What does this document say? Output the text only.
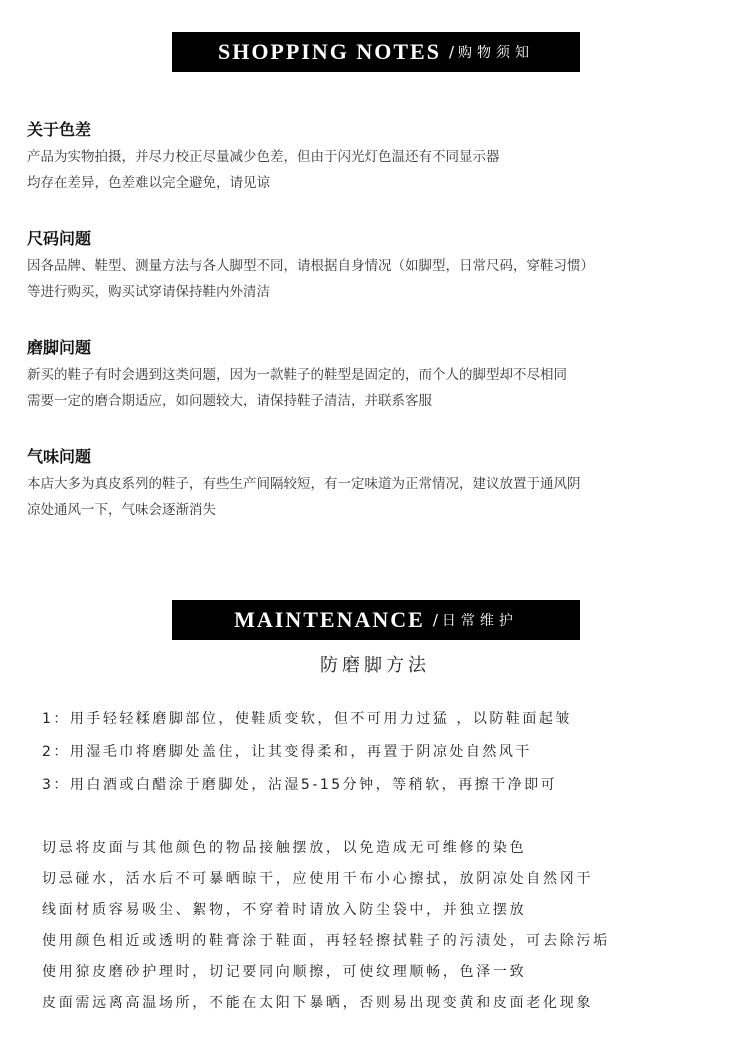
SHOPPING NOTES / 购物须知
关于色差
产品为实物拍摄，并尽力校正尽量减少色差，但由于闪光灯色温还有不同显示器
均存在差异，色差难以完全避免，请见谅
尺码问题
因各品牌、鞋型、测量方法与各人脚型不同，请根据自身情况（如脚型，日常尺码，穿鞋习惯）
等进行购买，购买试穿请保持鞋内外清洁
磨脚问题
新买的鞋子有时会遇到这类问题，因为一款鞋子的鞋型是固定的，而个人的脚型却不尽相同
需要一定的磨合期适应，如问题较大，请保持鞋子清洁，并联系客服
气味问题
本店大多为真皮系列的鞋子，有些生产间隔较短，有一定味道为正常情况，建议放置于通风阴
凉处通风一下，气味会逐渐消失
MAINTENANCE / 日常维护
防磨脚方法
1：用手轻轻糅磨脚部位，使鞋质变软，但不可用力过猛 ，以防鞋面起皱
2：用湿毛巾将磨脚处盖住，让其变得柔和，再置于阴凉处自然风干
3：用白酒或白醋涂于磨脚处，沾湿5-15分钟，等稍软，再擦干净即可
切忌将皮面与其他颜色的物品接触摆放，以免造成无可维修的染色
切忌碰水，活水后不可暴晒晾干，应使用干布小心擦拭，放阴凉处自然冈干
线面材质容易吸尘、絮物，不穿着时请放入防尘袋中，并独立摆放
使用颜色相近或透明的鞋膏涂于鞋面，再轻轻擦拭鞋子的污渍处，可去除污垢
使用猄皮磨砂护理时，切记要同向顺擦，可使纹理顺畅，色泽一致
皮面需远离高温场所，不能在太阳下暴晒，否则易出现变黄和皮面老化现象
